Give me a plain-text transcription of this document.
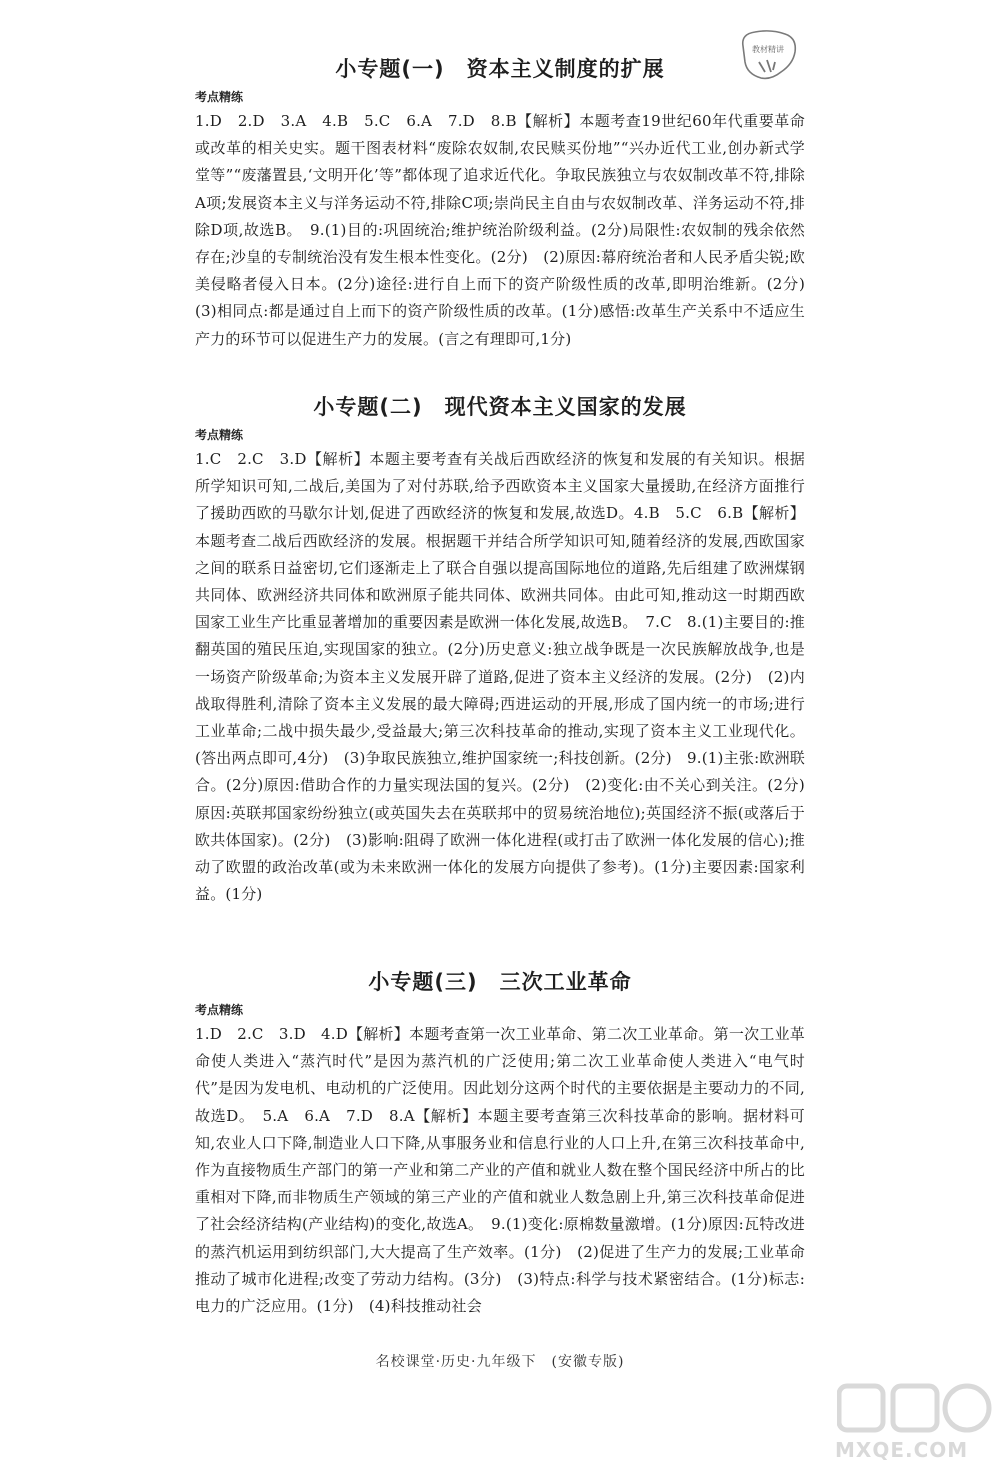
教材精讲
小专题(一)　资本主义制度的扩展
考点精练

1.D　2.D　3.A　4.B　5.C　6.A　7.D　8.B【解析】本题考查19世纪60年代重要革命或改革的相关史实。题干图表材料“废除农奴制,农民赎买份地”“兴办近代工业,创办新式学堂等”“废藩置县,‘文明开化’等”都体现了追求近代化。争取民族独立与农奴制改革不符,排除A项;发展资本主义与洋务运动不符,排除C项;崇尚民主自由与农奴制改革、洋务运动不符,排除D项,故选B。　9.(1)目的:巩固统治;维护统治阶级利益。(2分)局限性:农奴制的残余依然存在;沙皇的专制统治没有发生根本性变化。(2分)　(2)原因:幕府统治者和人民矛盾尖锐;欧美侵略者侵入日本。(2分)途径:进行自上而下的资产阶级性质的改革,即明治维新。(2分)　(3)相同点:都是通过自上而下的资产阶级性质的改革。(1分)感悟:改革生产关系中不适应生产力的环节可以促进生产力的发展。(言之有理即可,1分)

小专题(二)　现代资本主义国家的发展
考点精练

1.C　2.C　3.D【解析】本题主要考查有关战后西欧经济的恢复和发展的有关知识。根据所学知识可知,二战后,美国为了对付苏联,给予西欧资本主义国家大量援助,在经济方面推行了援助西欧的马歇尔计划,促进了西欧经济的恢复和发展,故选D。4.B　5.C　6.B【解析】本题考查二战后西欧经济的发展。根据题干并结合所学知识可知,随着经济的发展,西欧国家之间的联系日益密切,它们逐渐走上了联合自强以提高国际地位的道路,先后组建了欧洲煤钢共同体、欧洲经济共同体和欧洲原子能共同体、欧洲共同体。由此可知,推动这一时期西欧国家工业生产比重显著增加的重要因素是欧洲一体化发展,故选B。　7.C　8.(1)主要目的:推翻英国的殖民压迫,实现国家的独立。(2分)历史意义:独立战争既是一次民族解放战争,也是一场资产阶级革命;为资本主义发展开辟了道路,促进了资本主义经济的发展。(2分)　(2)内战取得胜利,清除了资本主义发展的最大障碍;西进运动的开展,形成了国内统一的市场;进行工业革命;二战中损失最少,受益最大;第三次科技革命的推动,实现了资本主义工业现代化。(答出两点即可,4分)　(3)争取民族独立,维护国家统一;科技创新。(2分)　9.(1)主张:欧洲联合。(2分)原因:借助合作的力量实现法国的复兴。(2分)　(2)变化:由不关心到关注。(2分)原因:英联邦国家纷纷独立(或英国失去在英联邦中的贸易统治地位);英国经济不振(或落后于欧共体国家)。(2分)　(3)影响:阻碍了欧洲一体化进程(或打击了欧洲一体化发展的信心);推动了欧盟的政治改革(或为未来欧洲一体化的发展方向提供了参考)。(1分)主要因素:国家利益。(1分)

小专题(三)　三次工业革命
考点精练

1.D　2.C　3.D　4.D【解析】本题考查第一次工业革命、第二次工业革命。第一次工业革命使人类进入“蒸汽时代”是因为蒸汽机的广泛使用;第二次工业革命使人类进入“电气时代”是因为发电机、电动机的广泛使用。因此划分这两个时代的主要依据是主要动力的不同,故选D。　5.A　6.A　7.D　8.A【解析】本题主要考查第三次科技革命的影响。据材料可知,农业人口下降,制造业人口下降,从事服务业和信息行业的人口上升,在第三次科技革命中,作为直接物质生产部门的第一产业和第二产业的产值和就业人数在整个国民经济中所占的比重相对下降,而非物质生产领域的第三产业的产值和就业人数急剧上升,第三次科技革命促进了社会经济结构(产业结构)的变化,故选A。　9.(1)变化:原棉数量激增。(1分)原因:瓦特改进的蒸汽机运用到纺织部门,大大提高了生产效率。(1分)　(2)促进了生产力的发展;工业革命推动了城市化进程;改变了劳动力结构。(3分)　(3)特点:科学与技术紧密结合。(1分)标志:电力的广泛应用。(1分)　(4)科技推动社会

名校课堂·历史·九年级下　(安徽专版)
MXQE.COM
